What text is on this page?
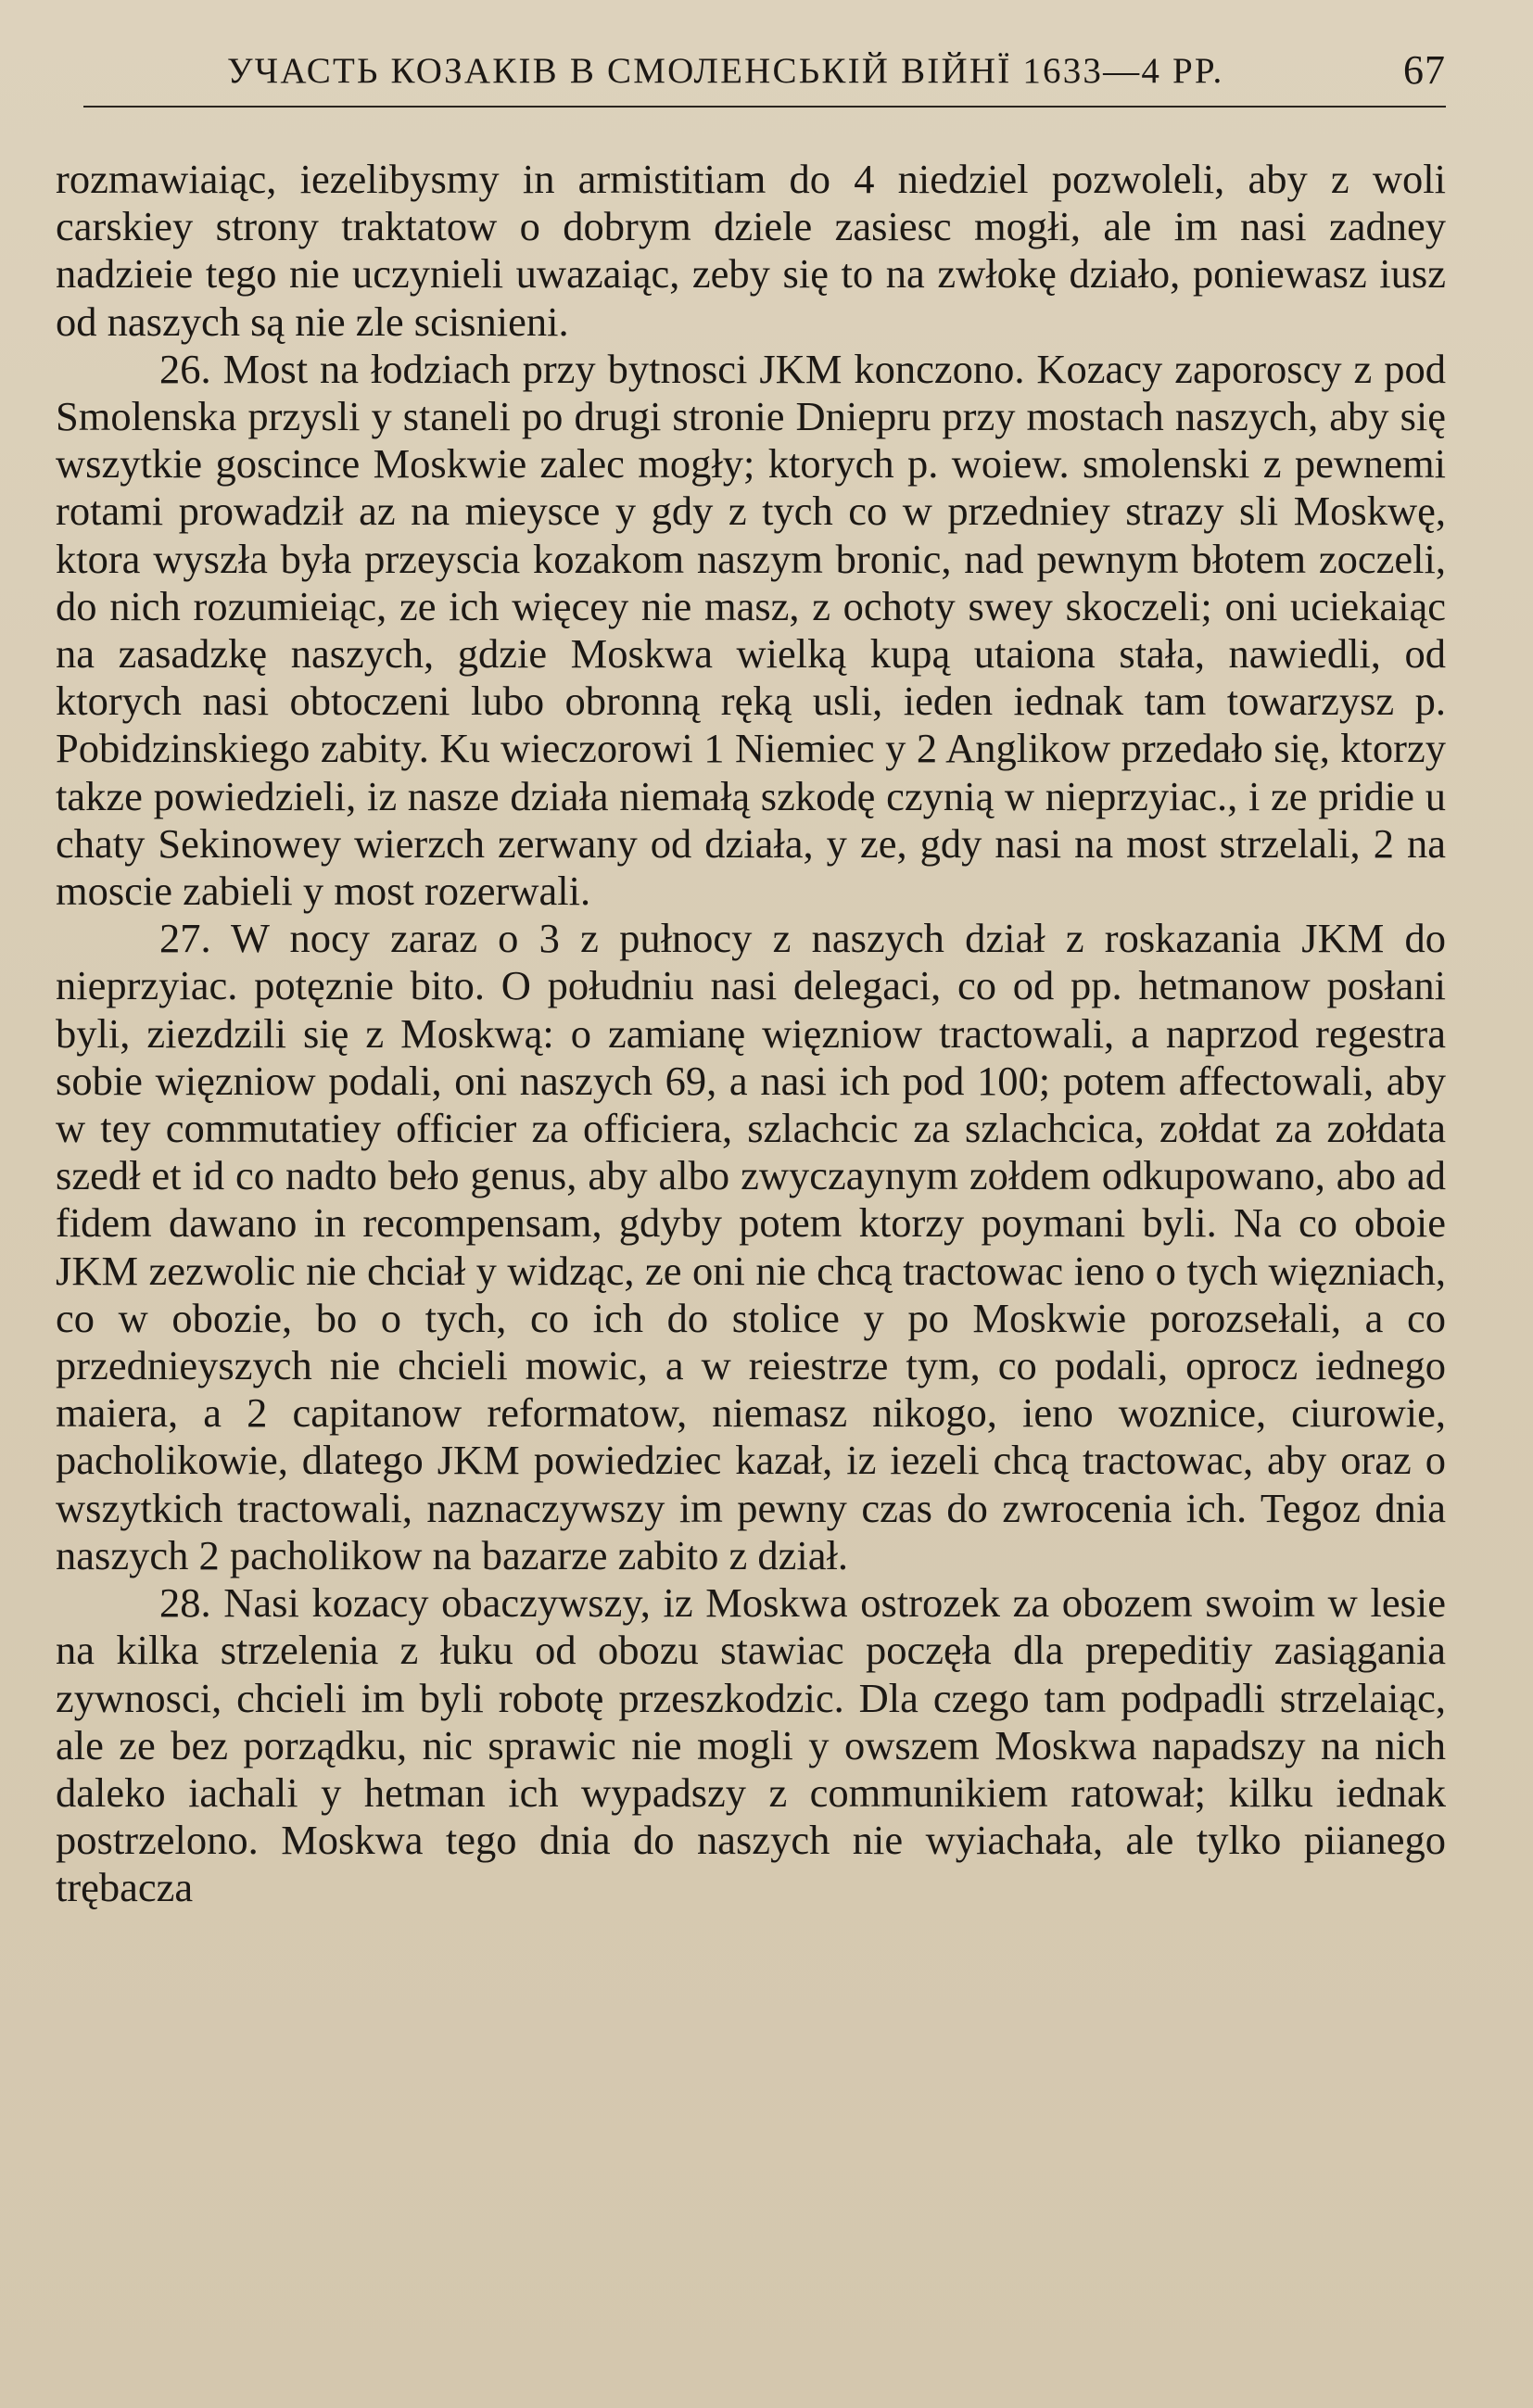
УЧАСТЬ КОЗАКІВ В СМОЛЕНСЬКІЙ ВІЙНЇ 1633—4 PP.	67

rozmawiaiąc, iezelibysmy in armistitiam do 4 niedziel pozwoleli, aby z woli carskiey strony traktatow o dobrym dziele zasiesc mogłi, ale im nasi zadney nadzieie tego nie uczynieli uwazaiąc, zeby się to na zwłokę działo, poniewasz iusz od naszych są nie zle scisnieni.

26. Most na łodziach przy bytnosci JKM konczono. Kozacy zaporoscy z pod Smolenska przysli y staneli po drugi stronie Dniepru przy mostach naszych, aby się wszytkie goscince Moskwie zalec mogły; ktorych p. woiew. smolenski z pewnemi rotami prowadził az na mieysce y gdy z tych co w przedniey strazy sli Moskwę, ktora wyszła była przeyscia kozakom naszym bronic, nad pewnym błotem zoczeli, do nich rozumieiąc, ze ich więcey nie masz, z ochoty swey skoczeli; oni uciekaiąc na zasadzkę naszych, gdzie Moskwa wielką kupą utaiona stała, nawiedli, od ktorych nasi obtoczeni lubo obronną ręką usli, ieden iednak tam towarzysz p. Pobidzinskiego zabity. Ku wieczorowi 1 Niemiec y 2 Anglikow przedało się, ktorzy takze powiedzieli, iz nasze działa niemałą szkodę czynią w nieprzyiac., i ze pridie u chaty Sekinowey wierzch zerwany od działa, y ze, gdy nasi na most strzelali, 2 na moscie zabieli y most rozerwali.

27. W nocy zaraz o 3 z pułnocy z naszych dział z roskazania JKM do nieprzyiac. potęznie bito. O południu nasi delegaci, co od pp. hetmanow posłani byli, ziezdzili się z Moskwą: o zamianę więzniow tractowali, a naprzod regestra sobie więzniow podali, oni naszych 69, a nasi ich pod 100; potem affectowali, aby w tey commutatiey officier za officiera, szlachcic za szlachcica, zołdat za zołdata szedł et id co nadto beło genus, aby albo zwyczaynym zołdem odkupowano, abo ad fidem dawano in recompensam, gdyby potem ktorzy poymani byli. Na co oboie JKM zezwolic nie chciał y widząc, ze oni nie chcą tractowac ieno o tych więzniach, co w obozie, bo o tych, co ich do stolice y po Moskwie porozsełali, a co przednieyszych nie chcieli mowic, a w reiestrze tym, co podali, oprocz iednego maiera, a 2 capitanow reformatow, niemasz nikogo, ieno woznice, ciurowie, pacholikowie, dlatego JKM powiedziec kazał, iz iezeli chcą tractowac, aby oraz o wszytkich tractowali, naznaczywszy im pewny czas do zwrocenia ich. Tegoz dnia naszych 2 pacholikow na bazarze zabito z dział.

28. Nasi kozacy obaczywszy, iz Moskwa ostrozek za obozem swoim w lesie na kilka strzelenia z łuku od obozu stawiac poczęła dla prepeditiy zasiągania zywnosci, chcieli im byli robotę przeszkodzic. Dla czego tam podpadli strzelaiąc, ale ze bez porządku, nic sprawic nie mogli y owszem Moskwa napadszy na nich daleko iachali y hetman ich wypadszy z communikiem ratował; kilku iednak postrzelono. Moskwa tego dnia do naszych nie wyiachała, ale tylko piianego trębacza
